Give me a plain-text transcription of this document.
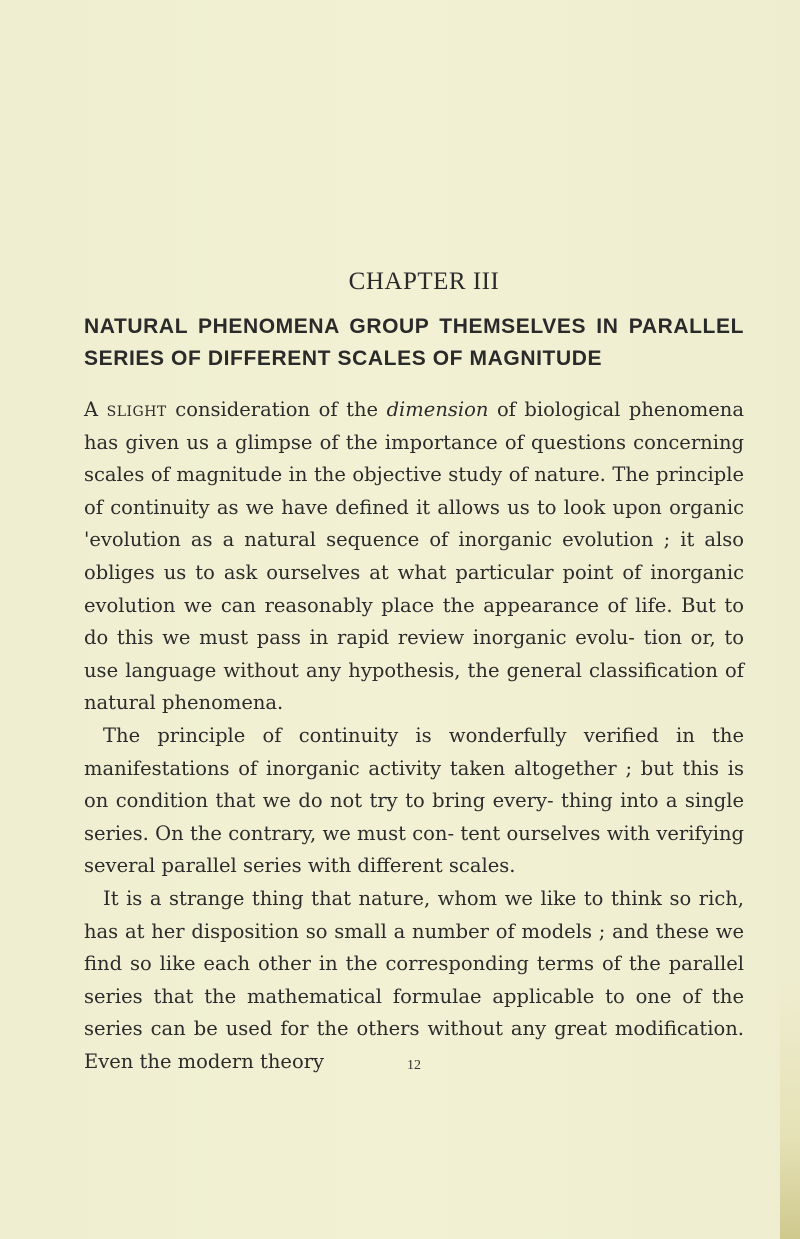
CHAPTER III
NATURAL PHENOMENA GROUP THEMSELVES IN PARALLEL SERIES OF DIFFERENT SCALES OF MAGNITUDE

A slight consideration of the dimension of biological phenomena has given us a glimpse of the importance of questions concerning scales of magnitude in the objective study of nature. The principle of continuity as we have defined it allows us to look upon organic 'evolution as a natural sequence of inorganic evolution ; it also obliges us to ask ourselves at what particular point of inorganic evolution we can reasonably place the appearance of life. But to do this we must pass in rapid review inorganic evolu- tion or, to use language without any hypothesis, the general classification of natural phenomena.

The principle of continuity is wonderfully verified in the manifestations of inorganic activity taken altogether ; but this is on condition that we do not try to bring every- thing into a single series. On the contrary, we must con- tent ourselves with verifying several parallel series with different scales.

It is a strange thing that nature, whom we like to think so rich, has at her disposition so small a number of models ; and these we find so like each other in the corresponding terms of the parallel series that the mathematical formulae applicable to one of the series can be used for the others without any great modification. Even the modern theory	12
